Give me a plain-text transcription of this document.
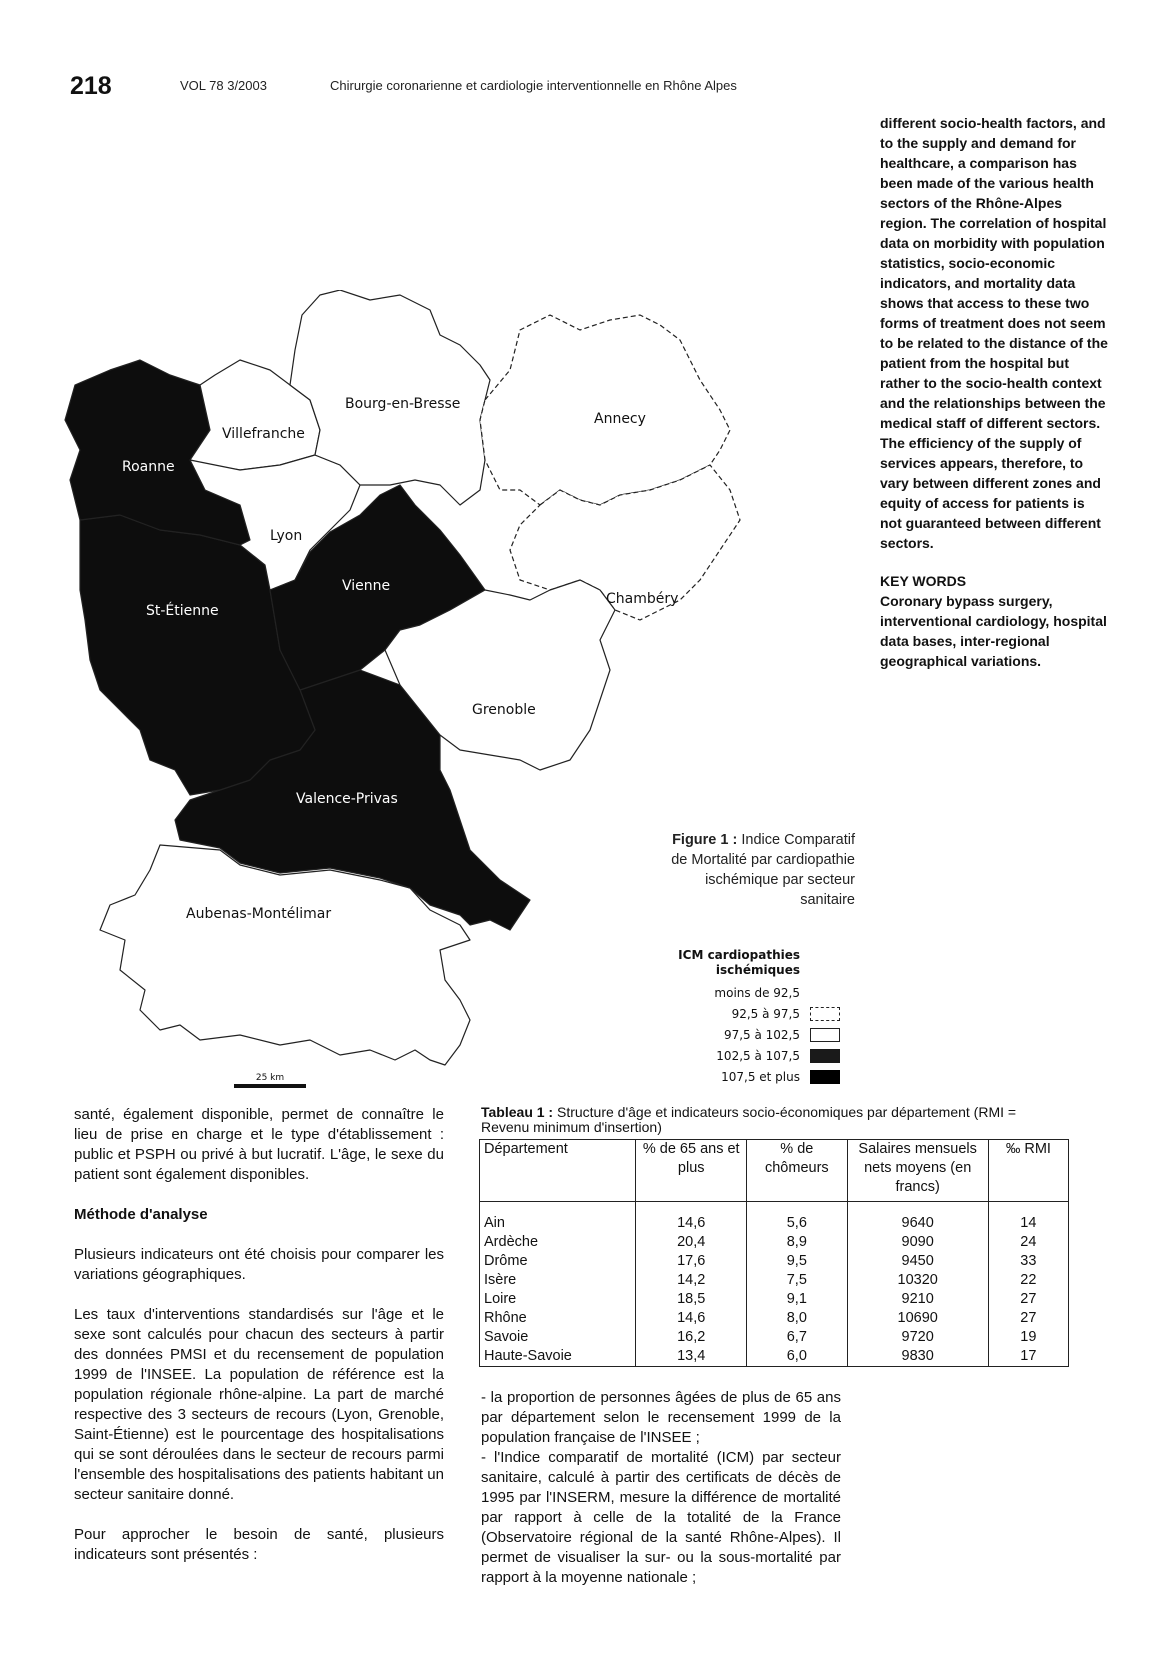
218	VOL 78 3/2003	Chirurgie coronarienne et cardiologie interventionnelle en Rhône Alpes

different socio-health factors, and to the supply and demand for healthcare, a comparison has been made of the various health sectors of the Rhône-Alpes region. The correlation of hospital data on morbidity with population statistics, socio-economic indicators, and mortality data shows that access to these two forms of treatment does not seem to be related to the distance of the patient from the hospital but rather to the socio-health context and the relationships between the medical staff of different sectors. The efficiency of the supply of services appears, therefore, to vary between different zones and equity of access for patients is not guaranteed between different sectors.

KEY WORDS

Coronary bypass surgery, interventional cardiology, hospital data bases, inter-regional geographical variations.

Bourg-en-Bresse
Villefranche
Roanne
Lyon
Annecy
Vienne
St-Étienne
Chambéry
Grenoble
Valence-Privas
Aubenas-Montélimar
25 km
Figure 1 : Indice Comparatif de Mortalité par cardiopathie ischémique par secteur sanitaire
ICM cardiopathies
ischémiques
moins de 92,5
92,5 à 97,5
97,5 à 102,5
102,5 à 107,5
107,5 et plus

santé, également disponible, permet de connaître le lieu de prise en charge et le type d'établissement : public et PSPH ou privé à but lucratif. L'âge, le sexe du patient sont également disponibles.

Méthode d'analyse

Plusieurs indicateurs ont été choisis pour comparer les variations géographiques.

Les taux d'interventions standardisés sur l'âge et le sexe sont calculés pour chacun des secteurs à partir des données PMSI et du recensement de population 1999 de l'INSEE. La population de référence est la population régionale rhône-alpine. La part de marché respective des 3 secteurs de recours (Lyon, Grenoble, Saint-Étienne) est le pourcentage des hospitalisations qui se sont déroulées dans le secteur de recours parmi l'ensemble des hospitalisations des patients habitant un secteur sanitaire donné.

Pour approcher le besoin de santé, plusieurs indicateurs sont présentés :

Tableau 1 : Structure d'âge et indicateurs socio-économiques par département (RMI = Revenu minimum d'insertion)
Département	% de 65 ans et plus	% de chômeurs	Salaires mensuels nets moyens (en francs)	‰ RMI
Ain	14,6	5,6	9640	14
Ardèche	20,4	8,9	9090	24
Drôme	17,6	9,5	9450	33
Isère	14,2	7,5	10320	22
Loire	18,5	9,1	9210	27
Rhône	14,6	8,0	10690	27
Savoie	16,2	6,7	9720	19
Haute-Savoie	13,4	6,0	9830	17

- la proportion de personnes âgées de plus de 65 ans par département selon le recensement 1999 de la population française de l'INSEE ;

- l'Indice comparatif de mortalité (ICM) par secteur sanitaire, calculé à partir des certificats de décès de 1995 par l'INSERM, mesure la différence de mortalité par rapport à celle de la totalité de la France (Observatoire régional de la santé Rhône-Alpes). Il permet de visualiser la sur- ou la sous-mortalité par rapport à la moyenne nationale ;
